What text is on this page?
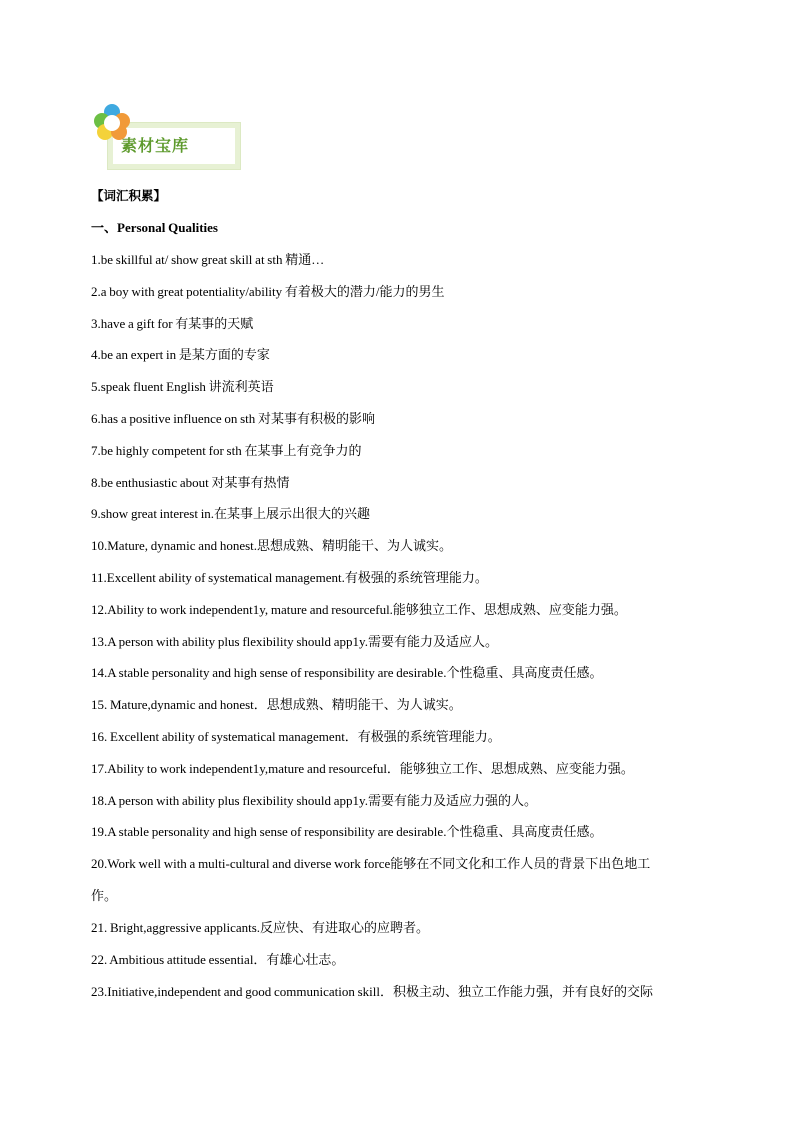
素材宝库
【词汇积累】
一、Personal Qualities
1.be skillful at/ show great skill at sth 精通…
2.a boy with great potentiality/ability 有着极大的潜力/能力的男生
3.have a gift for 有某事的天赋
4.be an expert in 是某方面的专家
5.speak fluent English 讲流利英语
6.has a positive influence on sth 对某事有积极的影响
7.be highly competent for sth 在某事上有竞争力的
8.be enthusiastic about 对某事有热情
9.show great interest in.在某事上展示出很大的兴趣
10.Mature, dynamic and honest.思想成熟、精明能干、为人诚实。
11.Excellent ability of systematical management.有极强的系统管理能力。
12.Ability to work independent1y, mature and resourceful.能够独立工作、思想成熟、应变能力强。
13.A person with ability plus flexibility should app1y.需要有能力及适应人。
14.A stable personality and high sense of responsibility are desirable.个性稳重、具高度责任感。
15. Mature,dynamic and honest．思想成熟、精明能干、为人诚实。
16. Excellent ability of systematical management．有极强的系统管理能力。
17.Ability to work independent1y,mature and resourceful．能够独立工作、思想成熟、应变能力强。
18.A person with ability plus flexibility should app1y.需要有能力及适应力强的人。
19.A stable personality and high sense of responsibility are desirable.个性稳重、具高度责任感。
20.Work well with a multi-cultural and diverse work force能够在不同文化和工作人员的背景下出色地工
作。
21. Bright,aggressive applicants.反应快、有进取心的应聘者。
22. Ambitious attitude essential．有雄心壮志。
23.Initiative,independent and good communication skill．积极主动、独立工作能力强，并有良好的交际
